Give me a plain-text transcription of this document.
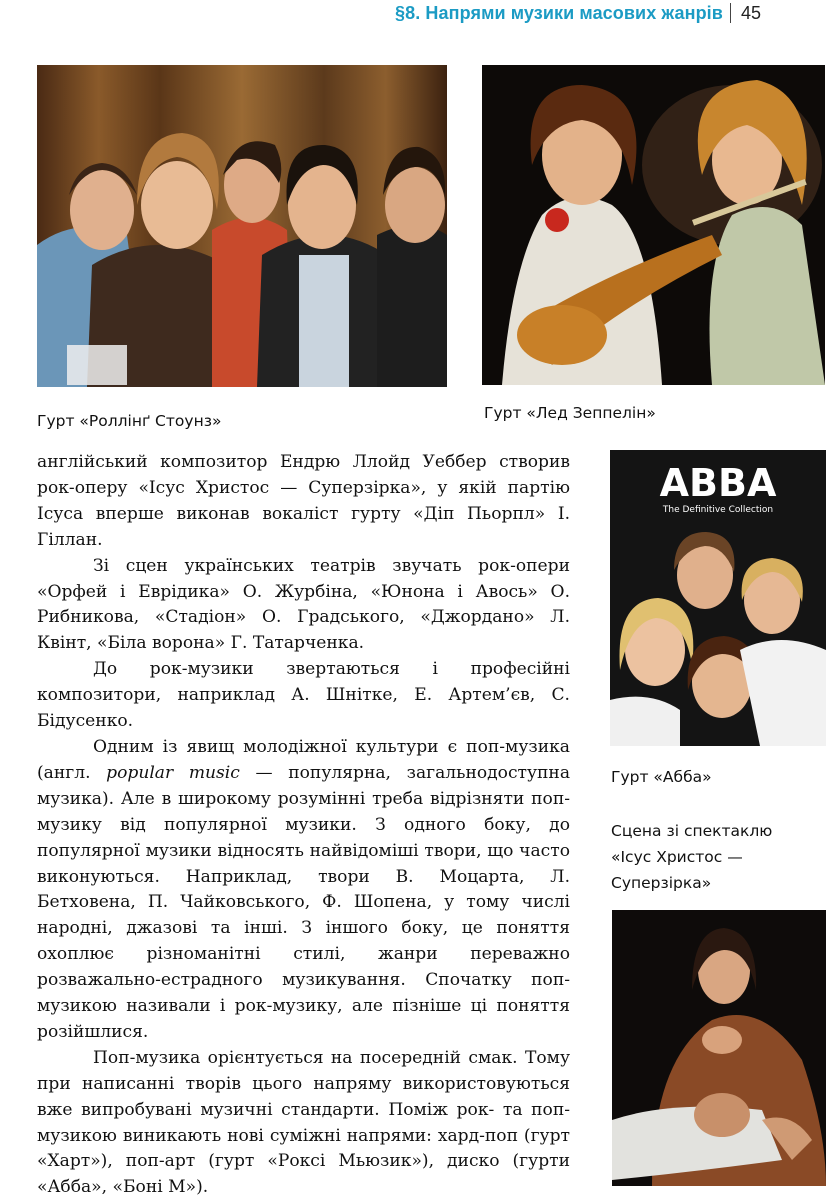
§8. Напрями музики масових жанрів 45
Гурт «Роллінґ Стоунз»	Гурт «Лед Зеппелін»
ABBA
The Definitive Collection
Гурт «Абба»
Сцена зі спектаклю
«Ісус Христос —
Суперзірка»

англійський композитор Ендрю Ллойд Уеббер створив рок-оперу «Ісус Христос — Суперзірка», у якій партію Ісуса вперше виконав вокаліст гурту «Діп Пьорпл» І. Гіллан.

Зі сцен українських театрів звучать рок-опери «Орфей і Еврідика» О. Журбіна, «Юнона і Авось» О. Рибникова, «Стадіон» О. Градського, «Джордано» Л. Квінт, «Біла ворона» Г. Татарченка.

До рок-музики звертаються і професійні композитори, наприклад А. Шнітке, Е. Артем’єв, С. Бідусенко.

Одним із явищ молодіжної культури є поп-музика (англ. popular music — популярна, загальнодоступна музика). Але в широкому розумінні треба відрізняти поп-музику від популярної музики. З одного боку, до популярної музики відносять найвідоміші твори, що часто виконуються. Наприклад, твори В. Моцарта, Л. Бетховена, П. Чайковського, Ф. Шопена, у тому числі народні, джазові та інші. З іншого боку, це поняття охоплює різноманітні стилі, жанри переважно розважально-естрадного музикування. Спочатку поп-музикою називали і рок-музику, але пізніше ці поняття розійшлися.

Поп-музика орієнтується на посередній смак. Тому при написанні творів цього напряму використовуються вже випробувані музичні стандарти. Поміж рок- та поп-музикою виникають нові суміжні напрями: хард-поп (гурт «Харт»), поп-арт (гурт «Роксі Мьюзик»), диско (гурти «Абба», «Боні М»).
